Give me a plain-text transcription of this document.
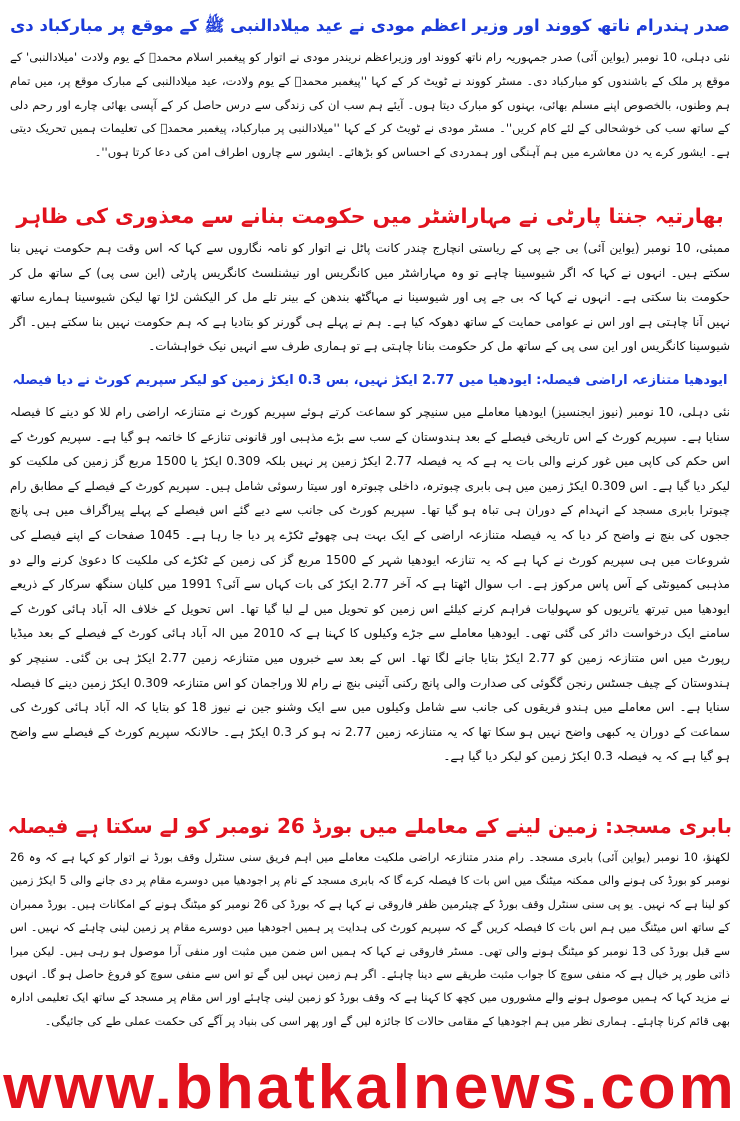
صدر ہندرام ناتھ کووند اور وزیر اعظم مودی نے عید میلادالنبی ﷺ کے موقع پر مبارکباد دی
نئی دہلی، 10 نومبر (یواین آئی) صدر جمہوریہ رام ناتھ کووند اور وزیراعظم نریندر مودی نے اتوار کو پیغمبر اسلام محمدؐ کے یوم ولادت 'میلادالنبی' کے موقع پر ملک کے باشندوں کو مبارکباد دی۔ مسٹر کووند نے ٹویٹ کر کے کہا ''پیغمبر محمدؐ کے یوم ولادت، عید میلادالنبی کے مبارک موقع پر، میں تمام ہم وطنوں، بالخصوص اپنے مسلم بھائی، بہنوں کو مبارک دیتا ہوں۔ آیئے ہم سب ان کی زندگی سے درس حاصل کر کے آپسی بھائی چارے اور رحم دلی کے ساتھ سب کی خوشحالی کے لئے کام کریں''۔ مسٹر مودی نے ٹویٹ کر کے کہا ''میلادالنبی پر مبارکباد، پیغمبر محمدؐ کی تعلیمات ہمیں تحریک دیتی ہے۔ ایشور کرے یہ دن معاشرے میں ہم آہنگی اور ہمدردی کے احساس کو بڑھائے۔ ایشور سے چاروں اطراف امن کی دعا کرتا ہوں''۔
بھارتیہ جنتا پارٹی نے مہاراشٹر میں حکومت بنانے سے معذوری کی ظاہر
ممبئی، 10 نومبر (یواین آئی) بی جے پی کے ریاستی انچارج چندر کانت پاٹل نے اتوار کو نامہ نگاروں سے کہا کہ اس وقت ہم حکومت نہیں بنا سکتے ہیں۔ انہوں نے کہا کہ اگر شیوسینا چاہے تو وہ مہاراشٹر میں کانگریس اور نیشنلسٹ کانگریس پارٹی (این سی پی) کے ساتھ مل کر حکومت بنا سکتی ہے۔ انہوں نے کہا کہ بی جے پی اور شیوسینا نے مہاگٹھ بندھن کے بینر تلے مل کر الیکشن لڑا تھا لیکن شیوسینا ہمارے ساتھ نہیں آنا چاہتی ہے اور اس نے عوامی حمایت کے ساتھ دھوکہ کیا ہے۔ ہم نے پہلے ہی گورنر کو بتادیا ہے کہ ہم حکومت نہیں بنا سکتے ہیں۔ اگر شیوسینا کانگریس اور این سی پی کے ساتھ مل کر حکومت بنانا چاہتی ہے تو ہماری طرف سے انہیں نیک خواہشات۔
ایودھیا متنازعہ اراضی فیصلہ: ایودھیا میں 2.77 ایکڑ نہیں، بس 0.3 ایکڑ زمین کو لیکر سپریم کورٹ نے دیا فیصلہ
نئی دہلی، 10 نومبر (نیوز ایجنسیز) ایودھیا معاملے میں سنیچر کو سماعت کرتے ہوئے سپریم کورٹ نے متنازعہ اراضی رام للا کو دینے کا فیصلہ سنایا ہے۔ سپریم کورٹ کے اس تاریخی فیصلے کے بعد ہندوستان کے سب سے بڑے مذہبی اور قانونی تنازعے کا خاتمہ ہو گیا ہے۔ سپریم کورٹ کے اس حکم کی کاپی میں غور کرنے والی بات یہ ہے کہ یہ فیصلہ 2.77 ایکڑ زمین پر نہیں بلکہ 0.309 ایکڑ یا 1500 مربع گز زمین کی ملکیت کو لیکر دیا گیا ہے۔ اس 0.309 ایکڑ زمین میں ہی بابری چبوترہ، داخلی چبوترہ اور سیتا رسوئی شامل ہیں۔ سپریم کورٹ کے فیصلے کے مطابق رام چبوترا بابری مسجد کے انہدام کے دوران ہی تباہ ہو گیا تھا۔ سپریم کورٹ کی جانب سے دیے گئے اس فیصلے کے پہلے پیراگراف میں ہی پانچ ججوں کی بنچ نے واضح کر دیا کہ یہ فیصلہ متنازعہ اراضی کے ایک بہت ہی چھوٹے ٹکڑے پر دیا جا رہا ہے۔ 1045 صفحات کے اپنے فیصلے کی شروعات میں ہی سپریم کورٹ نے کہا ہے کہ یہ تنازعہ ایودھیا شہر کے 1500 مربع گز کی زمین کے ٹکڑے کی ملکیت کا دعویٰ کرنے والے دو مذہبی کمیونٹی کے آس پاس مرکوز ہے۔ اب سوال اٹھتا ہے کہ آخر 2.77 ایکڑ کی بات کہاں سے آئی؟ 1991 میں کلیان سنگھ سرکار کے ذریعے ایودھیا میں تیرتھ یاتریوں کو سہولیات فراہم کرنے کیلئے اس زمین کو تحویل میں لے لیا گیا تھا۔ اس تحویل کے خلاف الہ آباد ہائی کورٹ کے سامنے ایک درخواست دائر کی گئی تھی۔ ایودھیا معاملے سے جڑے وکیلوں کا کہنا ہے کہ 2010 میں الہ آباد ہائی کورٹ کے فیصلے کے بعد میڈیا رپورٹ میں اس متنازعہ زمین کو 2.77 ایکڑ بتایا جانے لگا تھا۔ اس کے بعد سے خبروں میں متنازعہ زمین 2.77 ایکڑ ہی بن گئی۔ سنیچر کو ہندوستان کے چیف جسٹس رنجن گگوئی کی صدارت والی پانچ رکنی آئینی بنچ نے رام للا وراجمان کو اس متنازعہ 0.309 ایکڑ زمین دینے کا فیصلہ سنایا ہے۔ اس معاملے میں ہندو فریقوں کی جانب سے شامل وکیلوں میں سے ایک وشنو جین نے نیوز 18 کو بتایا کہ الہ آباد ہائی کورٹ کی سماعت کے دوران یہ کبھی واضح نہیں ہو سکا تھا کہ یہ متنازعہ زمین 2.77 نہ ہو کر 0.3 ایکڑ ہے۔ حالانکہ سپریم کورٹ کے فیصلے سے واضح ہو گیا ہے کہ یہ فیصلہ 0.3 ایکڑ زمین کو لیکر دیا گیا ہے۔
بابری مسجد: زمین لینے کے معاملے میں بورڈ 26 نومبر کو لے سکتا ہے فیصلہ
لکھنؤ، 10 نومبر (یواین آئی) بابری مسجد۔ رام مندر متنازعہ اراضی ملکیت معاملے میں اہم فریق سنی سنٹرل وقف بورڈ نے اتوار کو کہا ہے کہ وہ 26 نومبر کو بورڈ کی ہونے والی ممکنہ میٹنگ میں اس بات کا فیصلہ کرے گا کہ بابری مسجد کے نام پر اجودھیا میں دوسرے مقام پر دی جانے والی 5 ایکڑ زمین کو لینا ہے کہ نہیں۔ یو پی سنی سنٹرل وقف بورڈ کے چیئرمین ظفر فاروقی نے کہا ہے کہ بورڈ کی 26 نومبر کو میٹنگ ہونے کے امکانات ہیں۔ بورڈ ممبران کے ساتھ اس میٹنگ میں ہم اس بات کا فیصلہ کریں گے کہ سپریم کورٹ کی ہدایت پر ہمیں اجودھیا میں دوسرے مقام پر زمین لینی چاہئے کہ نہیں۔ اس سے قبل بورڈ کی 13 نومبر کو میٹنگ ہونے والی تھی۔ مسٹر فاروقی نے کہا کہ ہمیں اس ضمن میں مثبت اور منفی آرا موصول ہو رہی ہیں۔ لیکن میرا ذاتی طور پر خیال ہے کہ منفی سوچ کا جواب مثبت طریقے سے دینا چاہئے۔ اگر ہم زمین نہیں لیں گے تو اس سے منفی سوچ کو فروغ حاصل ہو گا۔ انہوں نے مزید کہا کہ ہمیں موصول ہونے والے مشوروں میں کچھ کا کہنا ہے کہ وقف بورڈ کو زمین لینی چاہئے اور اس مقام پر مسجد کے ساتھ ایک تعلیمی ادارہ بھی قائم کرنا چاہئے۔ ہماری نظر میں ہم اجودھیا کے مقامی حالات کا جائزہ لیں گے اور پھر اسی کی بنیاد پر آگے کی حکمت عملی طے کی جائیگی۔
www.bhatkalnews.com
